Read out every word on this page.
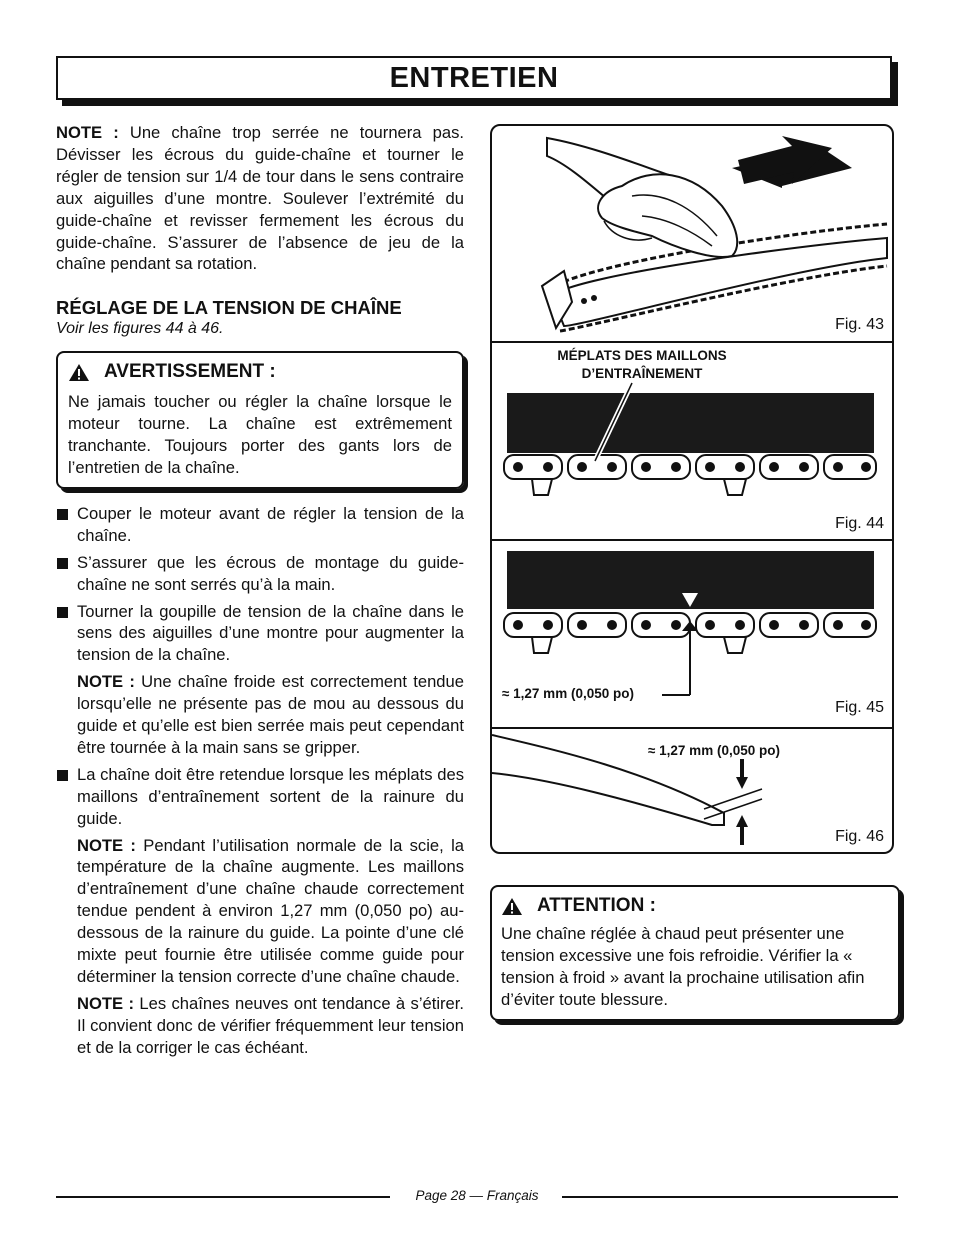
ENTRETIEN

NOTE : Une chaîne trop serrée ne tournera pas. Dévisser les écrous du guide-chaîne et tourner le régler de tension sur 1/4 de tour dans le sens contraire aux aiguilles d’une montre. Soulever l’extrémité du guide-chaîne et revisser fermement les écrous du guide-chaîne. S’assurer de l’absence de jeu de la chaîne pendant sa rotation.

RÉGLAGE DE LA TENSION DE CHAÎNE
Voir les figures 44 à 46.
AVERTISSEMENT :

Ne jamais toucher ou régler la chaîne lorsque le moteur tourne. La chaîne est extrêmement tranchante. Toujours porter des gants lors de l’entretien de la chaîne.

Couper le moteur avant de régler la tension de la chaîne.
S’assurer que les écrous de montage du guide-chaîne ne sont serrés qu’à la main.
Tourner la goupille de tension de la chaîne dans le sens des aiguilles d’une montre pour augmenter la tension de la chaîne.

NOTE : Une chaîne froide est correctement tendue lorsqu’elle ne présente pas de mou au dessous du guide et qu’elle est bien serrée mais peut cependant être tournée à la main sans se gripper.

La chaîne doit être retendue lorsque les méplats des maillons d’entraînement sortent de la rainure du guide.

NOTE : Pendant l’utilisation normale de la scie, la température de la chaîne augmente. Les maillons d’entraînement d’une chaîne chaude correctement tendue pendent à environ 1,27 mm (0,050 po) au-dessous de la rainure du guide. La pointe d’une clé mixte peut fournie être utilisée comme guide pour déterminer la tension correcte d’une chaîne chaude.

NOTE : Les chaînes neuves ont tendance à s’étirer. Il convient donc de vérifier fréquemment leur tension et de la corriger le cas échéant.

Fig. 43
MÉPLATS DES MAILLONS
D’ENTRAÎNEMENT
Fig. 44
≈ 1,27 mm (0,050 po)
Fig. 45
≈ 1,27 mm (0,050 po)
Fig. 46
ATTENTION :
Une chaîne réglée à chaud peut présenter une tension excessive une fois refroidie. Vérifier la « tension à froid » avant la prochaine utilisation afin d’éviter toute blessure.
Page 28 — Français
